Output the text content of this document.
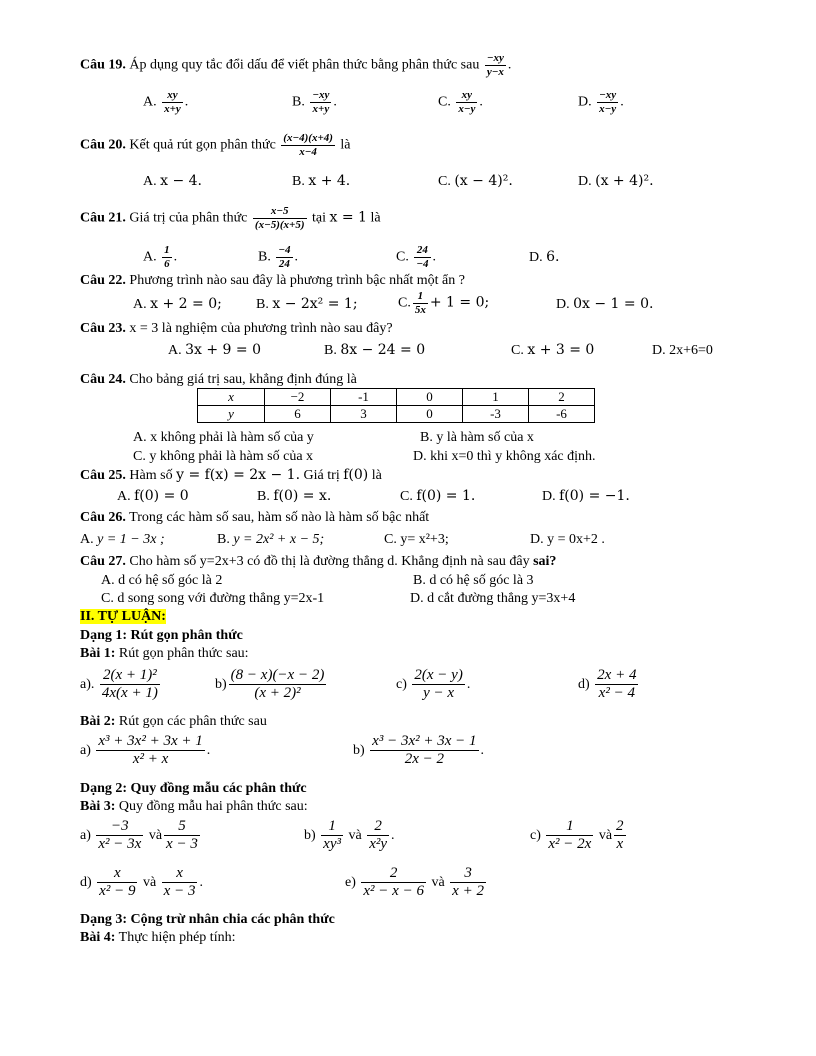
Câu 19. Áp dụng quy tắc đổi dấu để viết phân thức bằng phân thức sau $\frac{-xy}{y-x}$ .
A. $\frac{xy}{x+y}$ .	B. $\frac{-xy}{x+y}$ .	C. $\frac{xy}{x-y}$ .	D. $\frac{-xy}{x-y}$ .
Câu 20. Kết quả rút gọn phân thức $\frac{(x-4)(x+4)}{x-4}$ là
A. x − 4.	B. x + 4.	C. (x − 4)².	D. (x + 4)².
Câu 21. Giá trị của phân thức $\frac{x-5}{(x-5)(x+5)}$ tại x = 1 là
A. $\frac{1}{6}$ .	B. $\frac{-4}{24}$ .	C. $\frac{24}{-4}$ .	D. 6.
Câu 22. Phương trình nào sau đây là phương trình bậc nhất một ẩn ?
A. x + 2 = 0; B. x − 2x² = 1;	C. $\frac{1}{5x} + 1 = 0$;	D. 0x − 1 = 0.
Câu 23. x = 3 là nghiệm của phương trình nào sau đây?
A. 3x + 9 = 0	B. 8x − 24 = 0	C. x + 3 = 0	D. 2x+6=0
Câu 24. Cho bảng giá trị sau, khẳng định đúng là
x	−2	-1	0	1	2
y	6	3	0	-3	-6
A. x không phải là hàm số của y	B. y là hàm số của x
C. y không phải là hàm số của x	D. khi x=0 thì y không xác định.
Câu 25. Hàm số y = f(x) = 2x − 1. Giá trị f(0) là
A. f(0) = 0	B. f(0) = x.	C. f(0) = 1.	D. f(0) = −1.
Câu 26. Trong các hàm số sau, hàm số nào là hàm số bậc nhất
A. y = 1 − 3x ;	B. y = 2x² + x − 5;	C. y= x²+3;	D. y = 0x+2 .
Câu 27. Cho hàm số y=2x+3 có đồ thị là đường thẳng d. Khẳng định nà sau đây sai?
A. d có hệ số góc là 2	B. d có hệ số góc là 3
C. d song song với đường thẳng y=2x-1	D. d cắt đường thẳng y=3x+4
II. TỰ LUẬN:
Dạng 1: Rút gọn phân thức
Bài 1: Rút gọn phân thức sau:
a). $\frac{\text{2(x + 1)²}}{4x(x + 1)}$	$b) \frac{(8 - x)(-x - 2)}{\text{(x + 2)²}}$	$c) \frac{2(x - y)}{y - x}$ .	$d) \frac{2x + 4}{\text{x² − 4}}$
Bài 2: Rút gọn các phân thức sau
$a) \frac{\text{x³ + 3x² + 3x + 1}}{\text{x² + x}}$ .	$b) \frac{\text{x³ − 3x² + 3x − 1}}{2x - 2}$ .
Dạng 2: Quy đồng mẫu các phân thức
Bài 3: Quy đồng mẫu hai phân thức sau:
$a) \frac{-3}{\text{x² − 3x}}$ và $\frac{5}{x - 3}$	$b) \frac{1}{\text{xy³}}$ và $\frac{2}{\text{x²y}}$ .	$c) \frac{1}{\text{x² − 2x}}$ và $\frac{2}{x}$
$d) \frac{x}{\text{x² − 9}}$ và $\frac{x}{x - 3}$ .	$e) \frac{2}{\text{x² − x − 6}}$ và $\frac{3}{x + 2}$
Dạng 3: Cộng trừ nhân chia các phân thức
Bài 4: Thực hiện phép tính:
